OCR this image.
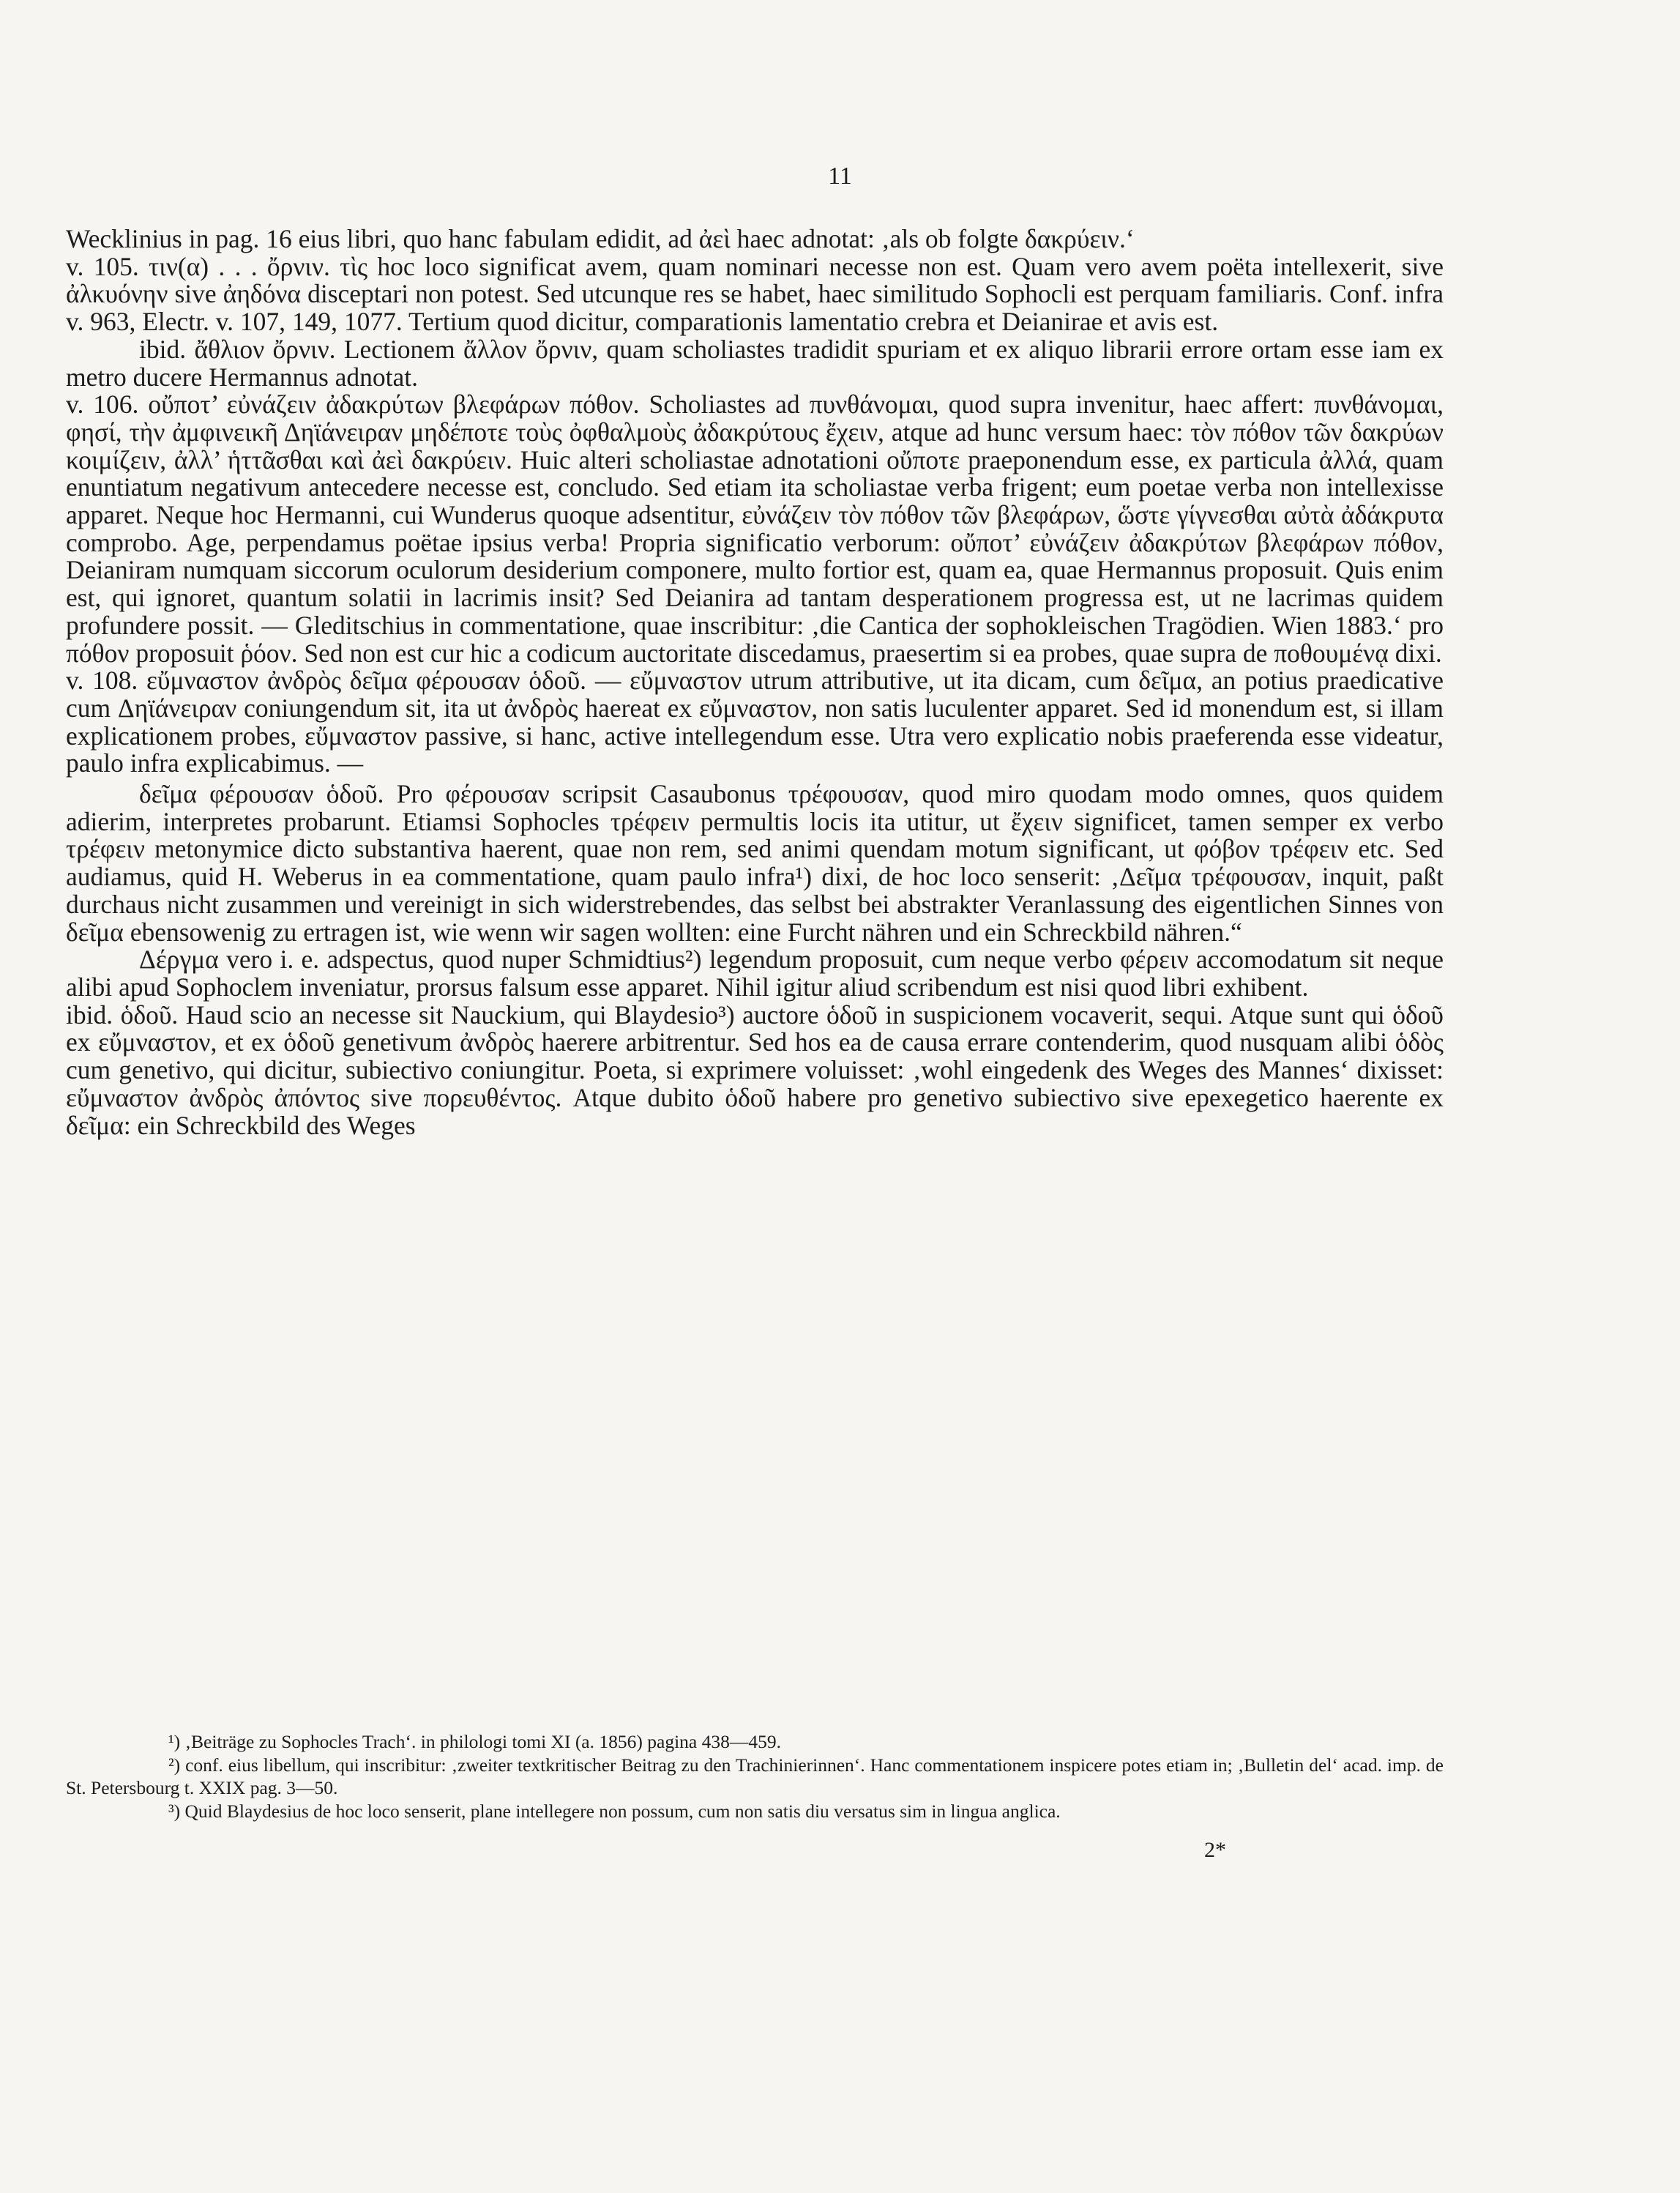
11

Wecklinius in pag. 16 eius libri, quo hanc fabulam edidit, ad ἀεὶ haec adnotat: ‚als ob folgte δακρύειν.‘

v. 105. τιν(α) . . . ὄρνιν. τὶς hoc loco significat avem, quam nominari necesse non est. Quam vero avem poëta intellexerit, sive ἀλκυόνην sive ἀηδόνα disceptari non potest. Sed utcunque res se habet, haec similitudo Sophocli est perquam familiaris. Conf. infra v. 963, Electr. v. 107, 149, 1077. Tertium quod dicitur, comparationis lamentatio crebra et Deianirae et avis est.

ibid. ἄθλιον ὄρνιν. Lectionem ἄλλον ὄρνιν, quam scholiastes tradidit spuriam et ex aliquo librarii errore ortam esse iam ex metro ducere Hermannus adnotat.

v. 106. οὔποτ’ εὐνάζειν ἀδακρύτων βλεφάρων πόθον. Scholiastes ad πυνθάνομαι, quod supra invenitur, haec affert: πυνθάνομαι, φησί, τὴν ἀμφινεικῆ Δηϊάνειραν μηδέποτε τοὺς ὀφθαλμοὺς ἀδακρύτους ἔχειν, atque ad hunc versum haec: τὸν πόθον τῶν δακρύων κοιμίζειν, ἀλλ’ ἡττᾶσθαι καὶ ἀεὶ δακρύειν. Huic alteri scholiastae adnotationi οὔποτε praeponendum esse, ex particula ἀλλά, quam enuntiatum negativum antecedere necesse est, concludo. Sed etiam ita scholiastae verba frigent; eum poetae verba non intellexisse apparet. Neque hoc Hermanni, cui Wunderus quoque adsentitur, εὐνάζειν τὸν πόθον τῶν βλεφάρων, ὥστε γίγνεσθαι αὐτὰ ἀδάκρυτα comprobo. Age, perpendamus poëtae ipsius verba! Propria significatio verborum: οὔποτ’ εὐνάζειν ἀδακρύτων βλεφάρων πόθον, Deianiram numquam siccorum oculorum desiderium componere, multo fortior est, quam ea, quae Hermannus proposuit. Quis enim est, qui ignoret, quantum solatii in lacrimis insit? Sed Deianira ad tantam desperationem progressa est, ut ne lacrimas quidem profundere possit. — Gleditschius in commentatione, quae inscribitur: ‚die Cantica der sophokleischen Tragödien. Wien 1883.‘ pro πόθον proposuit ῥόον. Sed non est cur hic a codicum auctoritate discedamus, praesertim si ea probes, quae supra de ποθουμένᾳ dixi.

v. 108. εὔμναστον ἀνδρὸς δεῖμα φέρουσαν ὁδοῦ. — εὔμναστον utrum attributive, ut ita dicam, cum δεῖμα, an potius praedicative cum Δηϊάνειραν coniungendum sit, ita ut ἀνδρὸς haereat ex εὔμναστον, non satis luculenter apparet. Sed id monendum est, si illam explicationem probes, εὔμναστον passive, si hanc, active intellegendum esse. Utra vero explicatio nobis praeferenda esse videatur, paulo infra explicabimus. —

δεῖμα φέρουσαν ὁδοῦ. Pro φέρουσαν scripsit Casaubonus τρέφουσαν, quod miro quodam modo omnes, quos quidem adierim, interpretes probarunt. Etiamsi Sophocles τρέφειν permultis locis ita utitur, ut ἔχειν significet, tamen semper ex verbo τρέφειν metonymice dicto substantiva haerent, quae non rem, sed animi quendam motum significant, ut φόβον τρέφειν etc. Sed audiamus, quid H. Weberus in ea commentatione, quam paulo infra¹) dixi, de hoc loco senserit: ‚Δεῖμα τρέφουσαν, inquit, paßt durchaus nicht zusammen und vereinigt in sich widerstrebendes, das selbst bei abstrakter Veranlassung des eigentlichen Sinnes von δεῖμα ebensowenig zu ertragen ist, wie wenn wir sagen wollten: eine Furcht nähren und ein Schreckbild nähren.“

Δέργμα vero i. e. adspectus, quod nuper Schmidtius²) legendum proposuit, cum neque verbo φέρειν accomodatum sit neque alibi apud Sophoclem inveniatur, prorsus falsum esse apparet. Nihil igitur aliud scribendum est nisi quod libri exhibent.

ibid. ὁδοῦ. Haud scio an necesse sit Nauckium, qui Blaydesio³) auctore ὁδοῦ in suspicionem vocaverit, sequi. Atque sunt qui ὁδοῦ ex εὔμναστον, et ex ὁδοῦ genetivum ἀνδρὸς haerere arbitrentur. Sed hos ea de causa errare contenderim, quod nusquam alibi ὁδὸς cum genetivo, qui dicitur, subiectivo coniungitur. Poeta, si exprimere voluisset: ‚wohl eingedenk des Weges des Mannes‘ dixisset: εὔμναστον ἀνδρὸς ἀπόντος sive πορευθέντος. Atque dubito ὁδοῦ habere pro genetivo subiectivo sive epexegetico haerente ex δεῖμα: ein Schreckbild des Weges

¹) ‚Beiträge zu Sophocles Trach‘. in philologi tomi XI (a. 1856) pagina 438—459.

²) conf. eius libellum, qui inscribitur: ‚zweiter textkritischer Beitrag zu den Trachinierinnen‘. Hanc commentationem inspicere potes etiam in; ‚Bulletin del‘ acad. imp. de St. Petersbourg t. XXIX pag. 3—50.

³) Quid Blaydesius de hoc loco senserit, plane intellegere non possum, cum non satis diu versatus sim in lingua anglica.

2*
